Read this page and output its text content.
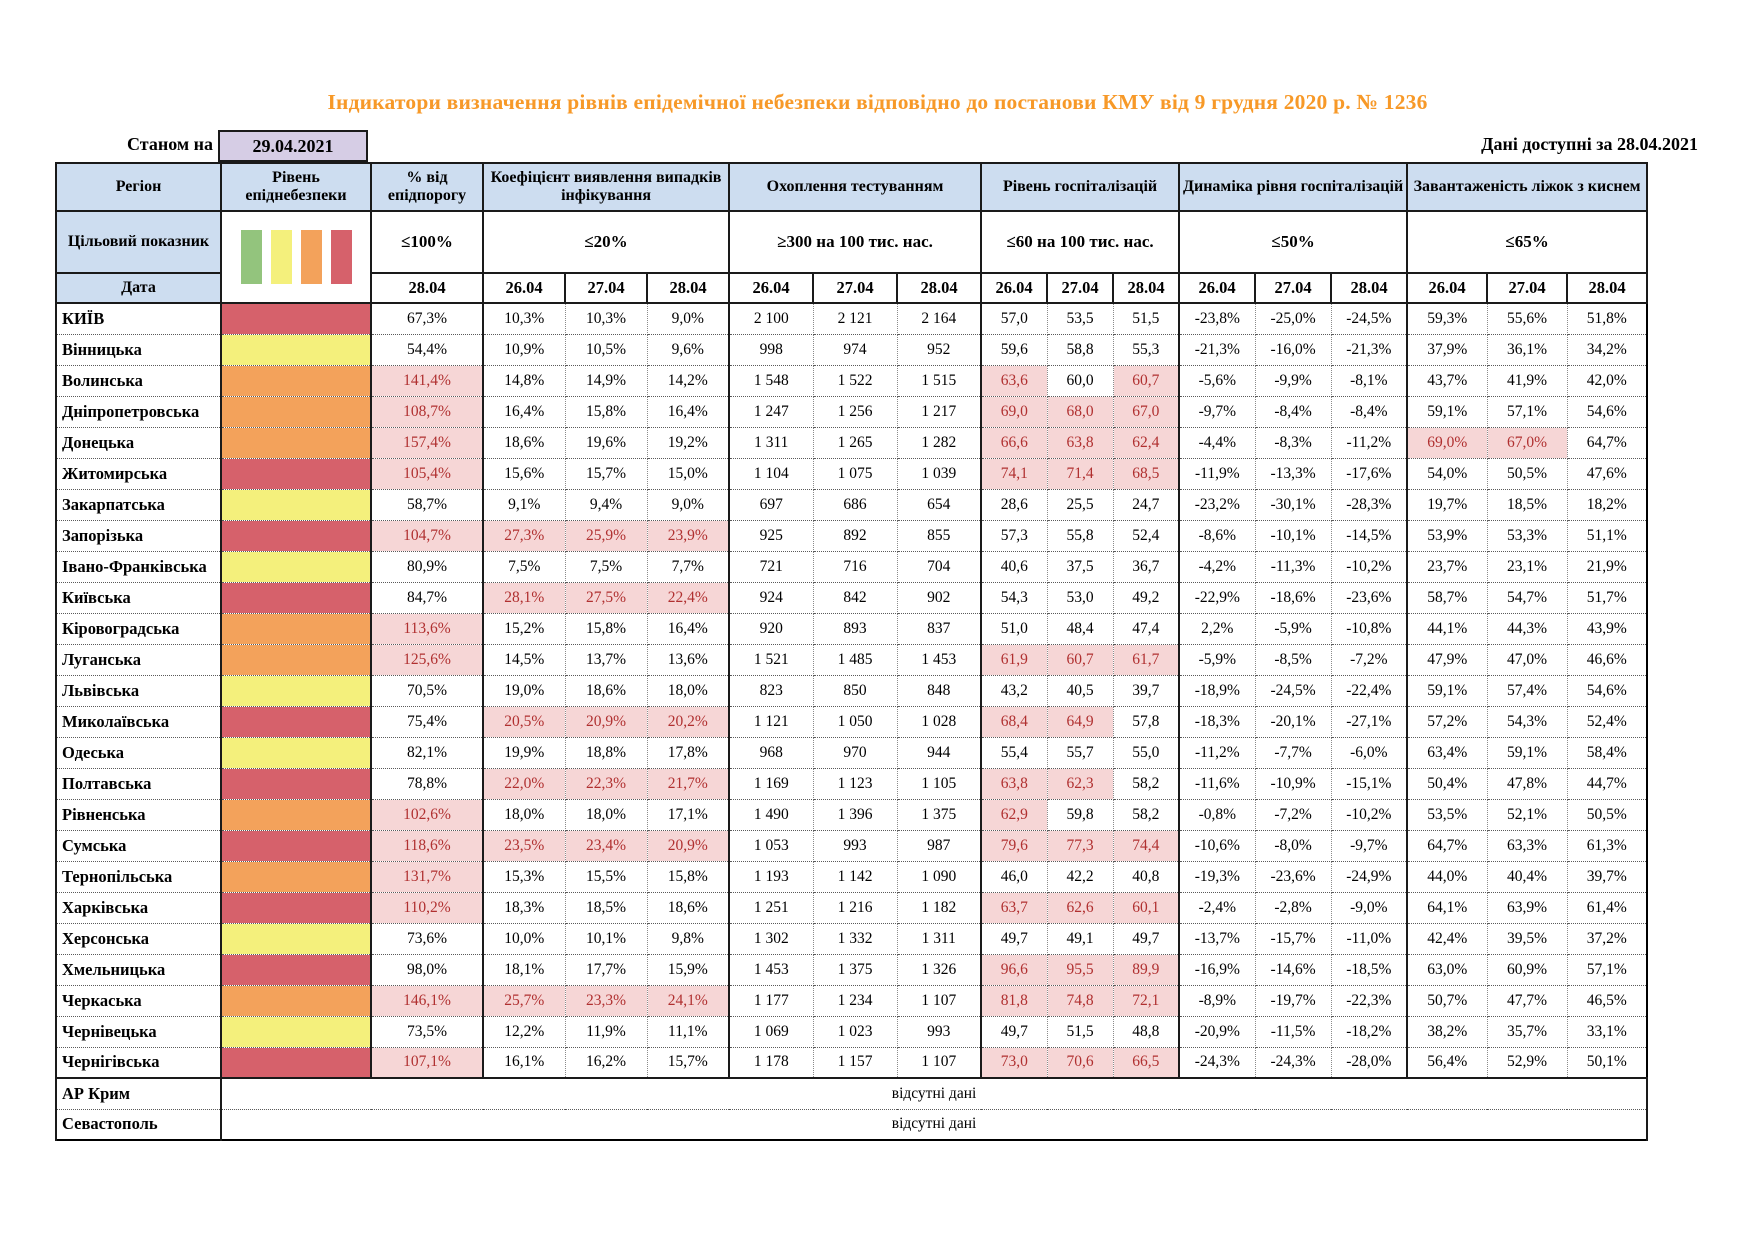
Індикатори визначення рівнів епідемічної небезпеки відповідно до постанови КМУ від 9 грудня 2020 р. № 1236
Станом на 29.04.2021	Дані доступні за 28.04.2021
Регіон	Рівень епіднебезпеки	% від епідпорогу	Коефіцієнт виявлення випадків інфікування			Охоплення тестуванням			Рівень госпіталізацій			Динаміка рівня госпіталізацій			Завантаженість ліжок з киснем		
Цільовий показник		≤100%	≤20%			≥300 на 100 тис. нас.			≤60 на 100 тис. нас.			≤50%			≤65%		
Дата		28.04	26.04	27.04	28.04	26.04	27.04	28.04	26.04	27.04	28.04	26.04	27.04	28.04	26.04	27.04	28.04
КИЇВ		67,3%	10,3%	10,3%	9,0%	2 100	2 121	2 164	57,0	53,5	51,5	-23,8%	-25,0%	-24,5%	59,3%	55,6%	51,8%
Вінницька		54,4%	10,9%	10,5%	9,6%	998	974	952	59,6	58,8	55,3	-21,3%	-16,0%	-21,3%	37,9%	36,1%	34,2%
Волинська		141,4%	14,8%	14,9%	14,2%	1 548	1 522	1 515	63,6	60,0	60,7	-5,6%	-9,9%	-8,1%	43,7%	41,9%	42,0%
Дніпропетровська		108,7%	16,4%	15,8%	16,4%	1 247	1 256	1 217	69,0	68,0	67,0	-9,7%	-8,4%	-8,4%	59,1%	57,1%	54,6%
Донецька		157,4%	18,6%	19,6%	19,2%	1 311	1 265	1 282	66,6	63,8	62,4	-4,4%	-8,3%	-11,2%	69,0%	67,0%	64,7%
Житомирська		105,4%	15,6%	15,7%	15,0%	1 104	1 075	1 039	74,1	71,4	68,5	-11,9%	-13,3%	-17,6%	54,0%	50,5%	47,6%
Закарпатська		58,7%	9,1%	9,4%	9,0%	697	686	654	28,6	25,5	24,7	-23,2%	-30,1%	-28,3%	19,7%	18,5%	18,2%
Запорізька		104,7%	27,3%	25,9%	23,9%	925	892	855	57,3	55,8	52,4	-8,6%	-10,1%	-14,5%	53,9%	53,3%	51,1%
Івано-Франківська		80,9%	7,5%	7,5%	7,7%	721	716	704	40,6	37,5	36,7	-4,2%	-11,3%	-10,2%	23,7%	23,1%	21,9%
Київська		84,7%	28,1%	27,5%	22,4%	924	842	902	54,3	53,0	49,2	-22,9%	-18,6%	-23,6%	58,7%	54,7%	51,7%
Кіровоградська		113,6%	15,2%	15,8%	16,4%	920	893	837	51,0	48,4	47,4	2,2%	-5,9%	-10,8%	44,1%	44,3%	43,9%
Луганська		125,6%	14,5%	13,7%	13,6%	1 521	1 485	1 453	61,9	60,7	61,7	-5,9%	-8,5%	-7,2%	47,9%	47,0%	46,6%
Львівська		70,5%	19,0%	18,6%	18,0%	823	850	848	43,2	40,5	39,7	-18,9%	-24,5%	-22,4%	59,1%	57,4%	54,6%
Миколаївська		75,4%	20,5%	20,9%	20,2%	1 121	1 050	1 028	68,4	64,9	57,8	-18,3%	-20,1%	-27,1%	57,2%	54,3%	52,4%
Одеська		82,1%	19,9%	18,8%	17,8%	968	970	944	55,4	55,7	55,0	-11,2%	-7,7%	-6,0%	63,4%	59,1%	58,4%
Полтавська		78,8%	22,0%	22,3%	21,7%	1 169	1 123	1 105	63,8	62,3	58,2	-11,6%	-10,9%	-15,1%	50,4%	47,8%	44,7%
Рівненська		102,6%	18,0%	18,0%	17,1%	1 490	1 396	1 375	62,9	59,8	58,2	-0,8%	-7,2%	-10,2%	53,5%	52,1%	50,5%
Сумська		118,6%	23,5%	23,4%	20,9%	1 053	993	987	79,6	77,3	74,4	-10,6%	-8,0%	-9,7%	64,7%	63,3%	61,3%
Тернопільська		131,7%	15,3%	15,5%	15,8%	1 193	1 142	1 090	46,0	42,2	40,8	-19,3%	-23,6%	-24,9%	44,0%	40,4%	39,7%
Харківська		110,2%	18,3%	18,5%	18,6%	1 251	1 216	1 182	63,7	62,6	60,1	-2,4%	-2,8%	-9,0%	64,1%	63,9%	61,4%
Херсонська		73,6%	10,0%	10,1%	9,8%	1 302	1 332	1 311	49,7	49,1	49,7	-13,7%	-15,7%	-11,0%	42,4%	39,5%	37,2%
Хмельницька		98,0%	18,1%	17,7%	15,9%	1 453	1 375	1 326	96,6	95,5	89,9	-16,9%	-14,6%	-18,5%	63,0%	60,9%	57,1%
Черкаська		146,1%	25,7%	23,3%	24,1%	1 177	1 234	1 107	81,8	74,8	72,1	-8,9%	-19,7%	-22,3%	50,7%	47,7%	46,5%
Чернівецька		73,5%	12,2%	11,9%	11,1%	1 069	1 023	993	49,7	51,5	48,8	-20,9%	-11,5%	-18,2%	38,2%	35,7%	33,1%
Чернігівська		107,1%	16,1%	16,2%	15,7%	1 178	1 157	1 107	73,0	70,6	66,5	-24,3%	-24,3%	-28,0%	56,4%	52,9%	50,1%
АР Крим	відсутні дані																
Севастополь	відсутні дані																
